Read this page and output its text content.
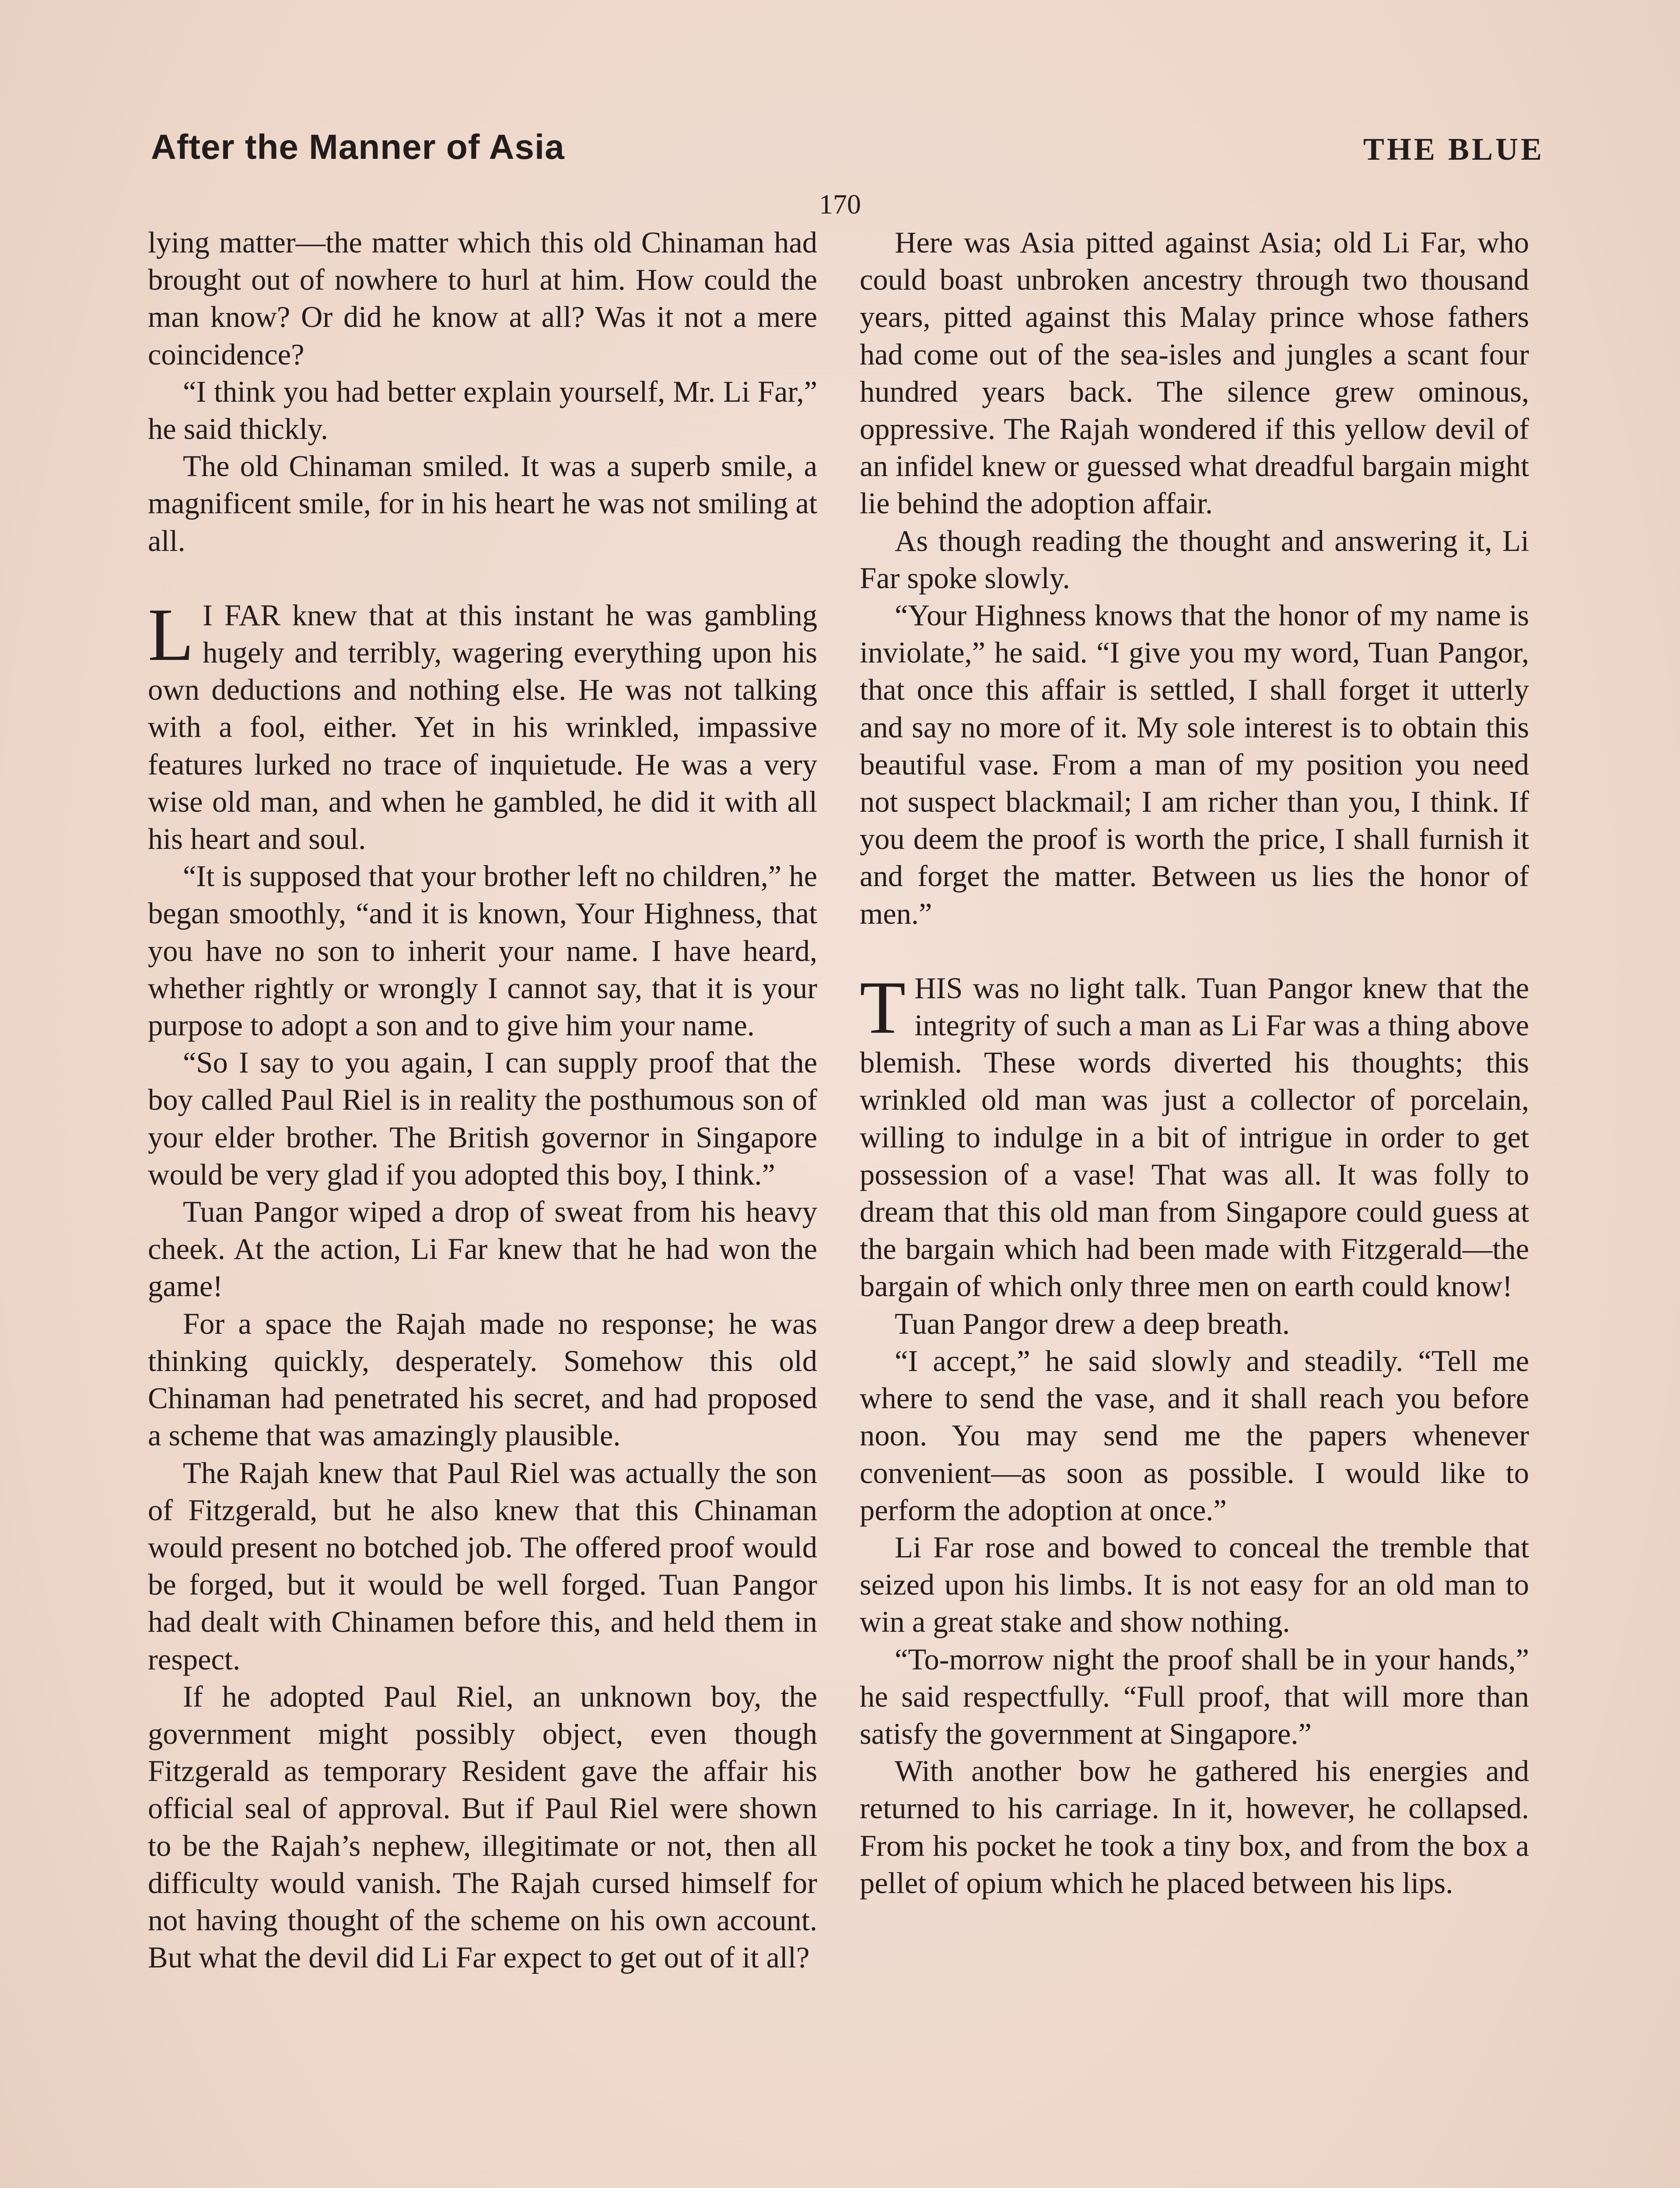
After the Manner of Asia	THE BLUE
170

lying matter—the matter which this old Chinaman had brought out of nowhere to hurl at him. How could the man know? Or did he know at all? Was it not a mere coincidence?

“I think you had better explain yourself, Mr. Li Far,” he said thickly.

The old Chinaman smiled. It was a superb smile, a magnificent smile, for in his heart he was not smiling at all.

L I FAR knew that at this instant he was gambling hugely and terribly, wagering everything upon his own deductions and nothing else. He was not talking with a fool, either. Yet in his wrinkled, impassive features lurked no trace of inquietude. He was a very wise old man, and when he gambled, he did it with all his heart and soul.

“It is supposed that your brother left no children,” he began smoothly, “and it is known, Your Highness, that you have no son to inherit your name. I have heard, whether rightly or wrongly I cannot say, that it is your purpose to adopt a son and to give him your name.

“So I say to you again, I can supply proof that the boy called Paul Riel is in reality the posthumous son of your elder brother. The British governor in Singapore would be very glad if you adopted this boy, I think.”

Tuan Pangor wiped a drop of sweat from his heavy cheek. At the action, Li Far knew that he had won the game!

For a space the Rajah made no response; he was thinking quickly, desperately. Somehow this old Chinaman had penetrated his secret, and had proposed a scheme that was amazingly plausible.

The Rajah knew that Paul Riel was actually the son of Fitzgerald, but he also knew that this Chinaman would present no botched job. The offered proof would be forged, but it would be well forged. Tuan Pangor had dealt with Chinamen before this, and held them in respect.

If he adopted Paul Riel, an unknown boy, the government might possibly object, even though Fitzgerald as temporary Resident gave the affair his official seal of approval. But if Paul Riel were shown to be the Rajah’s nephew, illegitimate or not, then all difficulty would vanish. The Rajah cursed himself for not having thought of the scheme on his own account. But what the devil did Li Far expect to get out of it all?

Here was Asia pitted against Asia; old Li Far, who could boast unbroken ancestry through two thousand years, pitted against this Malay prince whose fathers had come out of the sea-isles and jungles a scant four hundred years back. The silence grew ominous, oppressive. The Rajah wondered if this yellow devil of an infidel knew or guessed what dreadful bargain might lie behind the adoption affair.

As though reading the thought and answering it, Li Far spoke slowly.

“Your Highness knows that the honor of my name is inviolate,” he said. “I give you my word, Tuan Pangor, that once this affair is settled, I shall forget it utterly and say no more of it. My sole interest is to obtain this beautiful vase. From a man of my position you need not suspect blackmail; I am richer than you, I think. If you deem the proof is worth the price, I shall furnish it and forget the matter. Between us lies the honor of men.”

THIS was no light talk. Tuan Pangor knew that the integrity of such a man as Li Far was a thing above blemish. These words diverted his thoughts; this wrinkled old man was just a collector of porcelain, willing to indulge in a bit of intrigue in order to get possession of a vase! That was all. It was folly to dream that this old man from Singapore could guess at the bargain which had been made with Fitzgerald—the bargain of which only three men on earth could know!

Tuan Pangor drew a deep breath.

“I accept,” he said slowly and steadily. “Tell me where to send the vase, and it shall reach you before noon. You may send me the papers whenever convenient—as soon as possible. I would like to perform the adoption at once.”

Li Far rose and bowed to conceal the tremble that seized upon his limbs. It is not easy for an old man to win a great stake and show nothing.

“To-morrow night the proof shall be in your hands,” he said respectfully. “Full proof, that will more than satisfy the government at Singapore.”

With another bow he gathered his energies and returned to his carriage. In it, however, he collapsed. From his pocket he took a tiny box, and from the box a pellet of opium which he placed between his lips.
